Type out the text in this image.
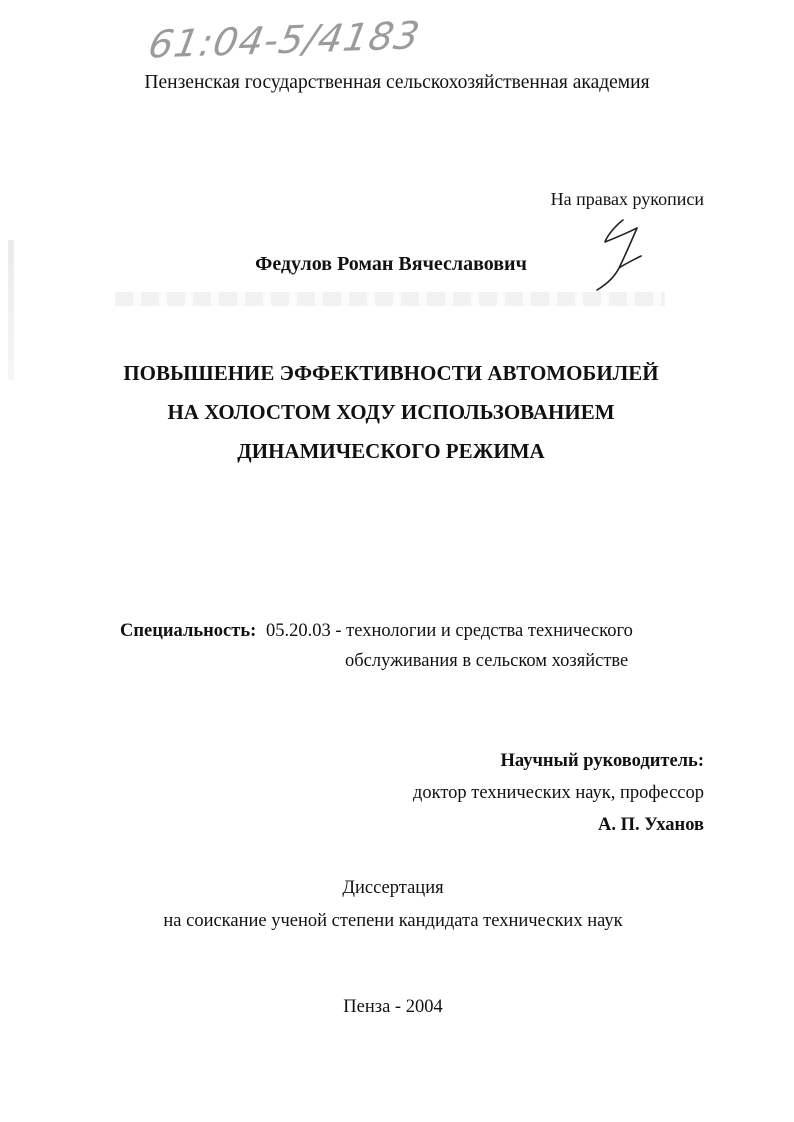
61:04-5/4183

Пензенская государственная сельскохозяйственная академия

На правах рукописи

Федулов Роман Вячеславович

ПОВЫШЕНИЕ ЭФФЕКТИВНОСТИ АВТОМОБИЛЕЙ
НА ХОЛОСТОМ ХОДУ ИСПОЛЬЗОВАНИЕМ
ДИНАМИЧЕСКОГО РЕЖИМА

Специальность: 05.20.03 - технологии и средства технического

обслуживания в сельском хозяйстве

Научный руководитель:

доктор технических наук, профессор

А. П. Уханов

Диссертация

на соискание ученой степени кандидата технических наук

Пенза - 2004
